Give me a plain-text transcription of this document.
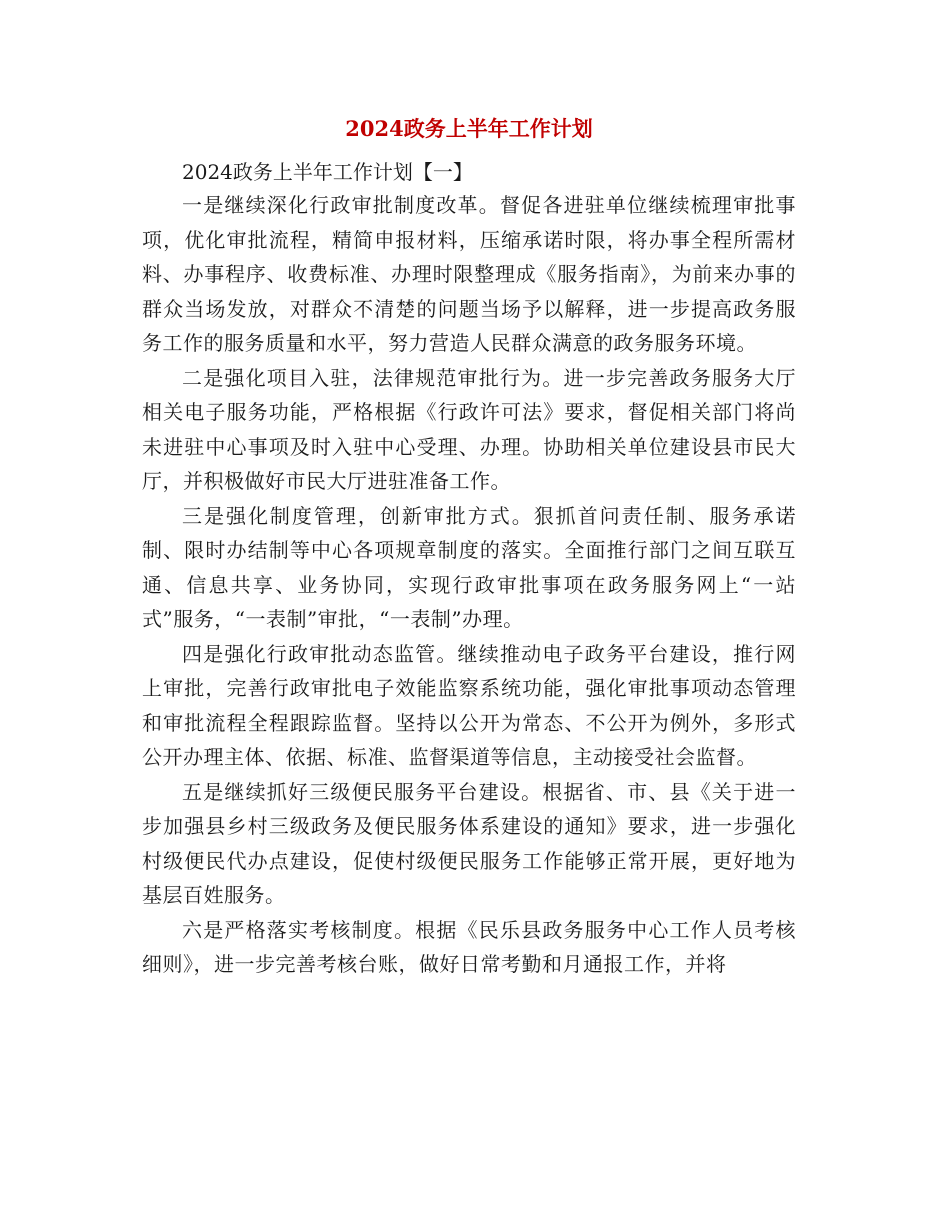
2024政务上半年工作计划

2024政务上半年工作计划【一】

一是继续深化行政审批制度改革。督促各进驻单位继续梳理审批事项，优化审批流程，精简申报材料，压缩承诺时限，将办事全程所需材料、办事程序、收费标准、办理时限整理成《服务指南》，为前来办事的群众当场发放，对群众不清楚的问题当场予以解释，进一步提高政务服务工作的服务质量和水平，努力营造人民群众满意的政务服务环境。

二是强化项目入驻，法律规范审批行为。进一步完善政务服务大厅相关电子服务功能，严格根据《行政许可法》要求，督促相关部门将尚未进驻中心事项及时入驻中心受理、办理。协助相关单位建设县市民大厅，并积极做好市民大厅进驻准备工作。

三是强化制度管理，创新审批方式。狠抓首问责任制、服务承诺制、限时办结制等中心各项规章制度的落实。全面推行部门之间互联互通、信息共享、业务协同，实现行政审批事项在政务服务网上“一站式”服务，“一表制”审批，“一表制”办理。

四是强化行政审批动态监管。继续推动电子政务平台建设，推行网上审批，完善行政审批电子效能监察系统功能，强化审批事项动态管理和审批流程全程跟踪监督。坚持以公开为常态、不公开为例外，多形式公开办理主体、依据、标准、监督渠道等信息，主动接受社会监督。

五是继续抓好三级便民服务平台建设。根据省、市、县《关于进一步加强县乡村三级政务及便民服务体系建设的通知》要求，进一步强化村级便民代办点建设，促使村级便民服务工作能够正常开展，更好地为基层百姓服务。

六是严格落实考核制度。根据《民乐县政务服务中心工作人员考核细则》，进一步完善考核台账，做好日常考勤和月通报工作，并将
